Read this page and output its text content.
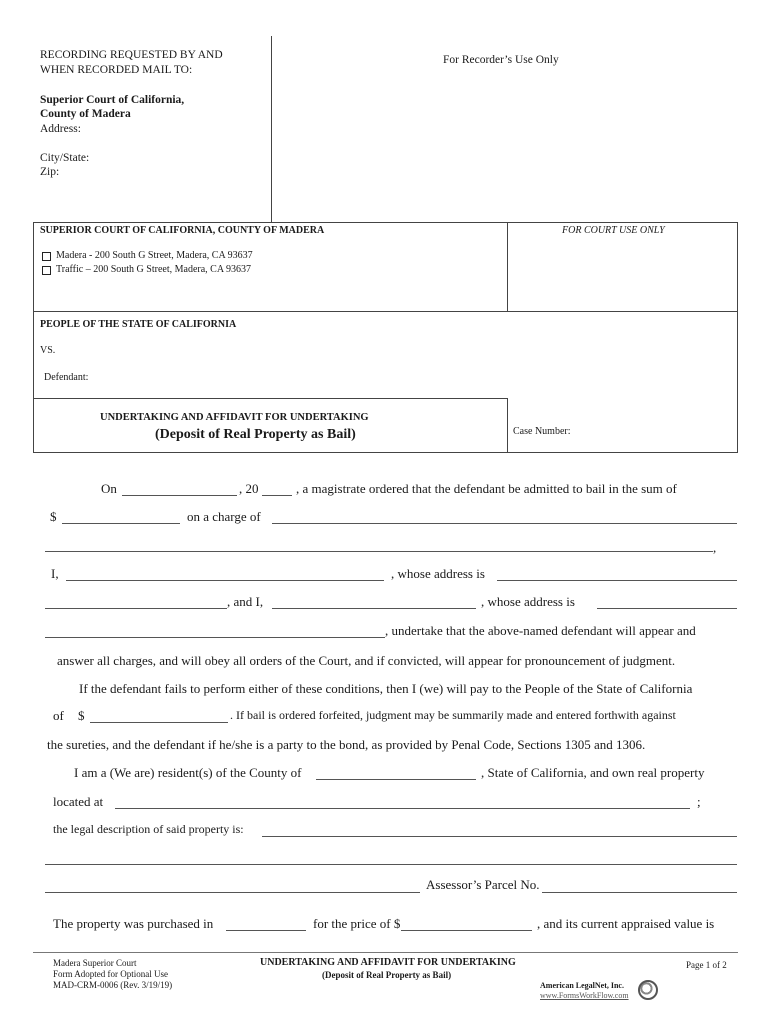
RECORDING REQUESTED BY AND
WHEN RECORDED MAIL TO:
Superior Court of California,
County of Madera
Address:
City/State:
Zip:
For Recorder’s Use Only
SUPERIOR COURT OF CALIFORNIA, COUNTY OF MADERA	FOR COURT USE ONLY
Madera - 200 South G Street, Madera, CA 93637
Traffic – 200 South G Street, Madera, CA 93637
PEOPLE OF THE STATE OF CALIFORNIA
VS.
Defendant:
UNDERTAKING AND AFFIDAVIT FOR UNDERTAKING
(Deposit of Real Property as Bail)	Case Number:
On	, 20	, a magistrate ordered that the defendant be admitted to bail in the sum of
$	on a charge of
,
I,	, whose address is
, and I,	, whose address is
, undertake that the above-named defendant will appear and
answer all charges, and will obey all orders of the Court, and if convicted, will appear for pronouncement of judgment.
If the defendant fails to perform either of these conditions, then I (we) will pay to the People of the State of California
of $	. If bail is ordered forfeited, judgment may be summarily made and entered forthwith against
the sureties, and the defendant if he/she is a party to the bond, as provided by Penal Code, Sections 1305 and 1306.
I am a (We are) resident(s) of the County of	, State of California, and own real property
located at	;
the legal description of said property is:
Assessor’s Parcel No.
The property was purchased in	for the price of $	, and its current appraised value is
Madera Superior Court
Form Adopted for Optional Use
MAD-CRM-0006 (Rev. 3/19/19)
UNDERTAKING AND AFFIDAVIT FOR UNDERTAKING
(Deposit of Real Property as Bail)
Page 1 of 2
American LegalNet, Inc.
www.FormsWorkFlow.com
